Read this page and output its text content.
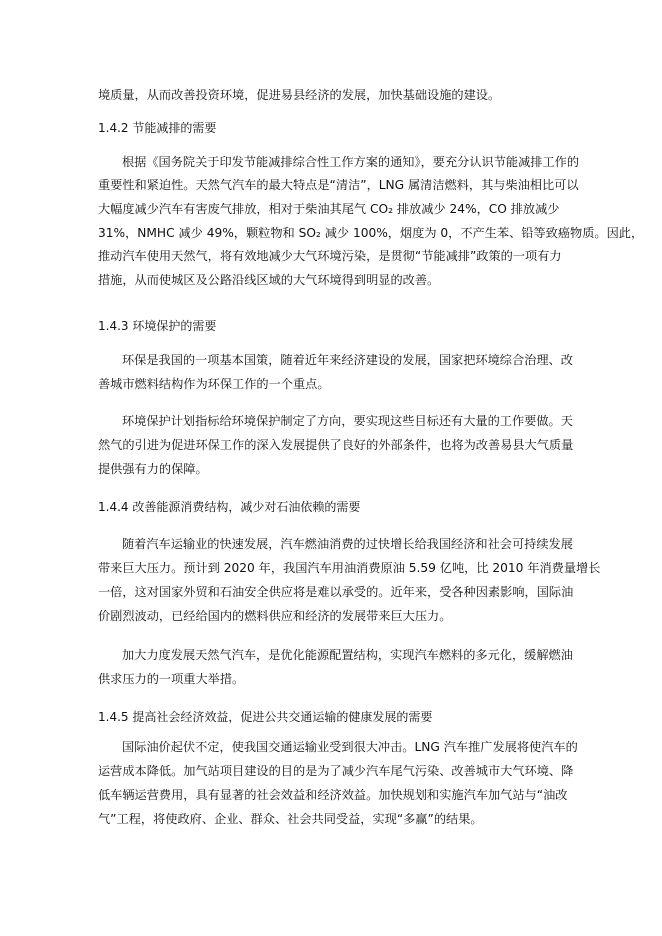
境质量，从而改善投资环境，促进易县经济的发展，加快基础设施的建设。
1.4.2 节能减排的需要
根据《国务院关于印发节能减排综合性工作方案的通知》，要充分认识节能减排工作的
重要性和紧迫性。天然气汽车的最大特点是“清洁”，LNG 属清洁燃料，其与柴油相比可以
大幅度减少汽车有害废气排放，相对于柴油其尾气 CO₂ 排放减少 24%，CO 排放减少
31%，NMHC 减少 49%，颗粒物和 SO₂ 减少 100%，烟度为 0，不产生苯、铅等致癌物质。因此，
推动汽车使用天然气，将有效地减少大气环境污染，是贯彻“节能减排”政策的一项有力
措施，从而使城区及公路沿线区域的大气环境得到明显的改善。
1.4.3 环境保护的需要
环保是我国的一项基本国策，随着近年来经济建设的发展，国家把环境综合治理、改
善城市燃料结构作为环保工作的一个重点。
环境保护计划指标给环境保护制定了方向，要实现这些目标还有大量的工作要做。天
然气的引进为促进环保工作的深入发展提供了良好的外部条件，也将为改善易县大气质量
提供强有力的保障。
1.4.4 改善能源消费结构，减少对石油依赖的需要
随着汽车运输业的快速发展，汽车燃油消费的过快增长给我国经济和社会可持续发展
带来巨大压力。预计到 2020 年，我国汽车用油消费原油 5.59 亿吨，比 2010 年消费量增长
一倍，这对国家外贸和石油安全供应将是难以承受的。近年来，受各种因素影响，国际油
价剧烈波动，已经给国内的燃料供应和经济的发展带来巨大压力。
加大力度发展天然气汽车，是优化能源配置结构，实现汽车燃料的多元化，缓解燃油
供求压力的一项重大举措。
1.4.5 提高社会经济效益，促进公共交通运输的健康发展的需要
国际油价起伏不定，使我国交通运输业受到很大冲击。LNG 汽车推广发展将使汽车的
运营成本降低。加气站项目建设的目的是为了减少汽车尾气污染、改善城市大气环境、降
低车辆运营费用，具有显著的社会效益和经济效益。加快规划和实施汽车加气站与“油改
气”工程，将使政府、企业、群众、社会共同受益，实现“多赢”的结果。
